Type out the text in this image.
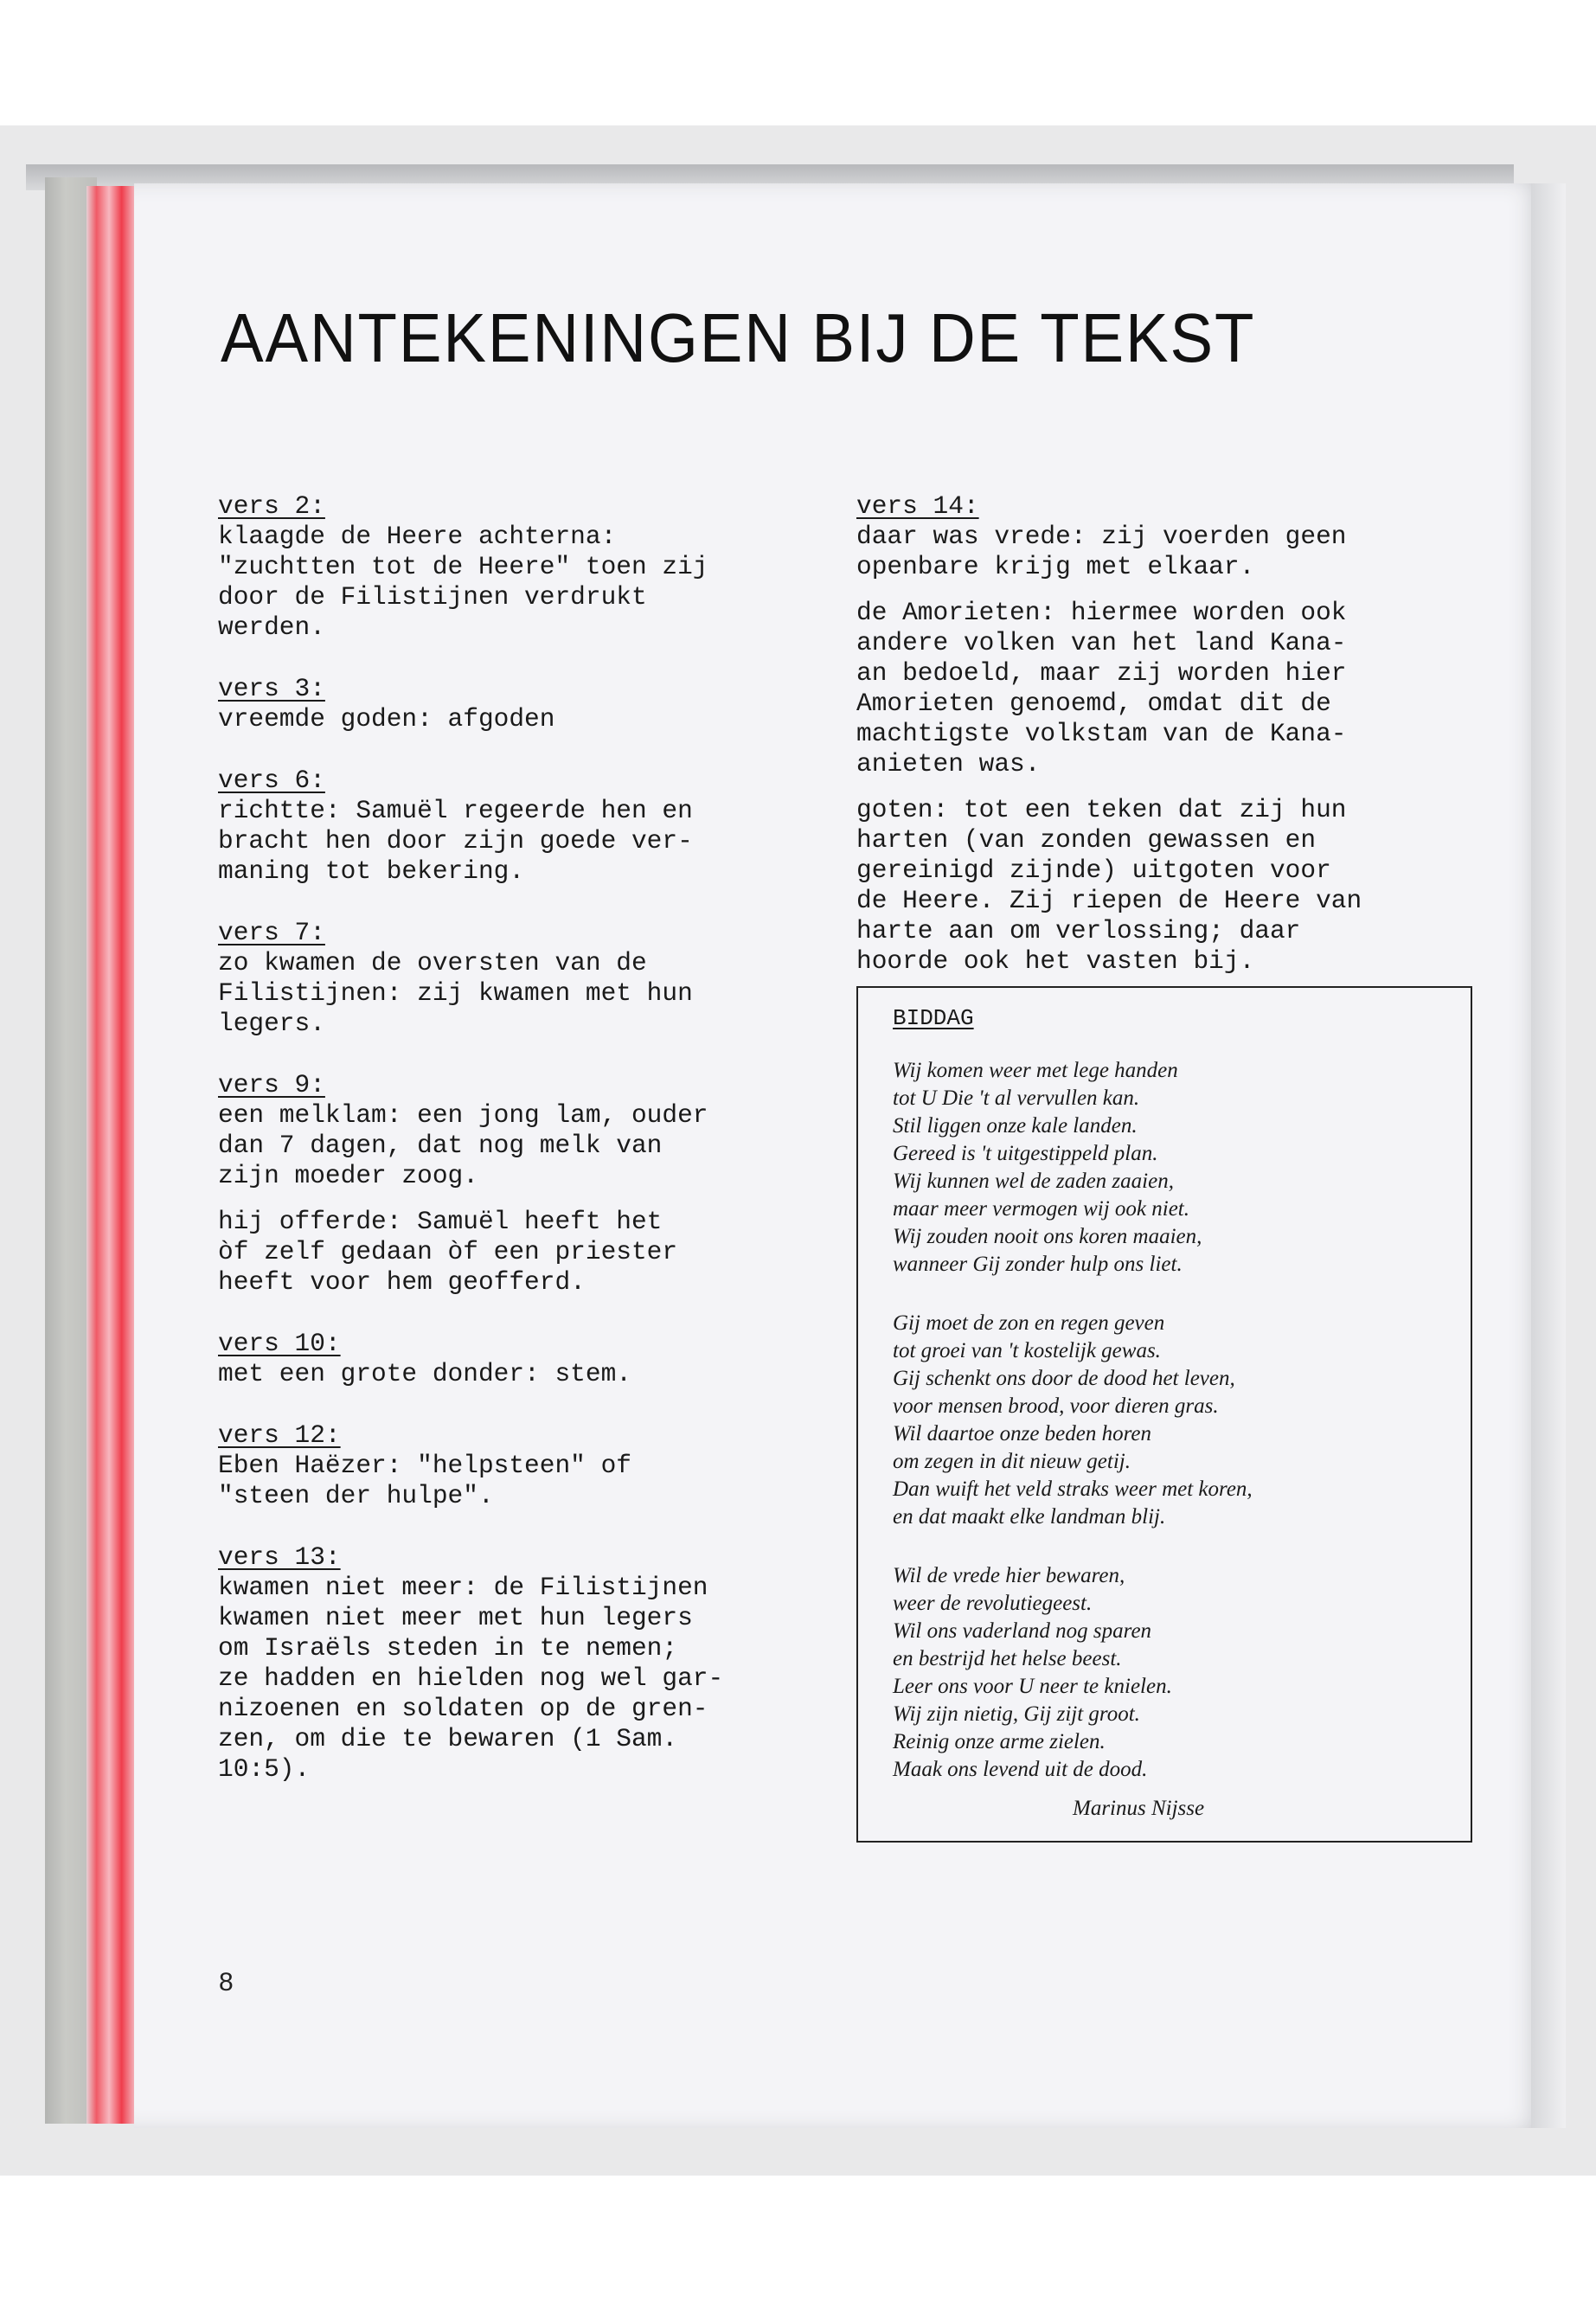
AANTEKENINGEN BIJ DE TEKST
vers 2:
klaagde de Heere achterna:
"zuchtten tot de Heere" toen zij
door de Filistijnen verdrukt
werden.
vers 3:
vreemde goden: afgoden
vers 6:
richtte: Samuël regeerde hen en
bracht hen door zijn goede ver-
maning tot bekering.
vers 7:
zo kwamen de oversten van de
Filistijnen: zij kwamen met hun
legers.
vers 9:
een melklam: een jong lam, ouder
dan 7 dagen, dat nog melk van
zijn moeder zoog.
hij offerde: Samuël heeft het
òf zelf gedaan òf een priester
heeft voor hem geofferd.
vers 10:
met een grote donder: stem.
vers 12:
Eben Haëzer: "helpsteen" of
"steen der hulpe".
vers 13:
kwamen niet meer: de Filistijnen
kwamen niet meer met hun legers
om Israëls steden in te nemen;
ze hadden en hielden nog wel gar-
nizoenen en soldaten op de gren-
zen, om die te bewaren (1 Sam.
10:5).
vers 14:
daar was vrede: zij voerden geen
openbare krijg met elkaar.
de Amorieten: hiermee worden ook
andere volken van het land Kana-
an bedoeld, maar zij worden hier
Amorieten genoemd, omdat dit de
machtigste volkstam van de Kana-
anieten was.
goten: tot een teken dat zij hun
harten (van zonden gewassen en
gereinigd zijnde) uitgoten voor
de Heere. Zij riepen de Heere van
harte aan om verlossing; daar
hoorde ook het vasten bij.
BIDDAG
Wij komen weer met lege handen
tot U Die 't al vervullen kan.
Stil liggen onze kale landen.
Gereed is 't uitgestippeld plan.
Wij kunnen wel de zaden zaaien,
maar meer vermogen wij ook niet.
Wij zouden nooit ons koren maaien,
wanneer Gij zonder hulp ons liet.
Gij moet de zon en regen geven
tot groei van 't kostelijk gewas.
Gij schenkt ons door de dood het leven,
voor mensen brood, voor dieren gras.
Wil daartoe onze beden horen
om zegen in dit nieuw getij.
Dan wuift het veld straks weer met koren,
en dat maakt elke landman blij.
Wil de vrede hier bewaren,
weer de revolutiegeest.
Wil ons vaderland nog sparen
en bestrijd het helse beest.
Leer ons voor U neer te knielen.
Wij zijn nietig, Gij zijt groot.
Reinig onze arme zielen.
Maak ons levend uit de dood.
Marinus Nijsse
8
